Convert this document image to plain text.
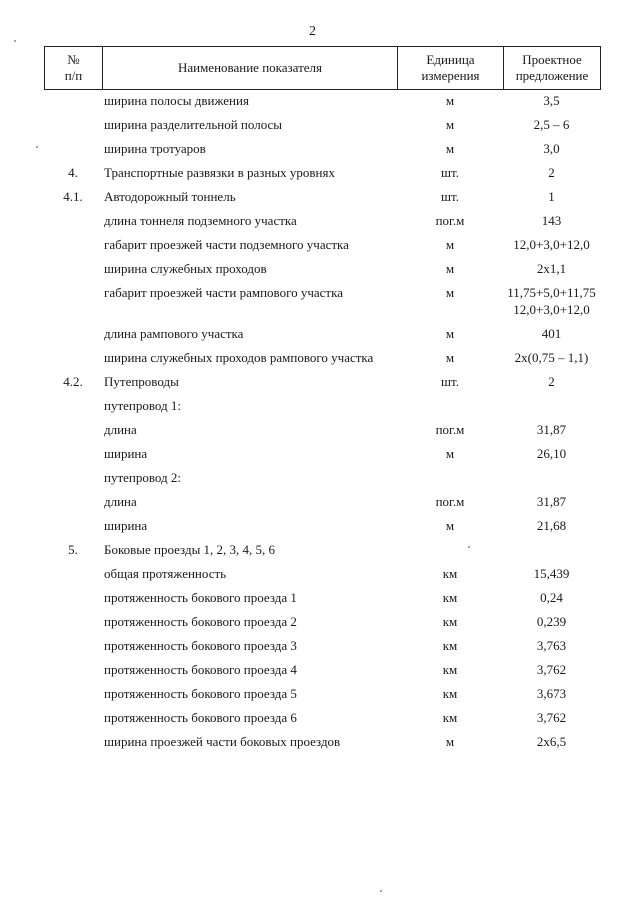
2
№
п/п	Наименование показателя	Единица измерения	Проектное предложение
ширина полосы движения	м	3,5
ширина разделительной полосы	м	2,5 – 6
ширина тротуаров	м	3,0
4.	Транспортные развязки в разных уровнях	шт.	2
4.1.	Автодорожный тоннель	шт.	1
длина тоннеля подземного участка	пог.м	143
габарит проезжей части подземного участка	м	12,0+3,0+12,0
ширина служебных проходов	м	2x1,1
габарит проезжей части рампового участка	м	11,75+5,0+11,75
12,0+3,0+12,0
длина рампового участка	м	401
ширина служебных проходов рампового участка	м	2х(0,75 – 1,1)
4.2.	Путепроводы	шт.	2
путепровод 1:
длина	пог.м	31,87
ширина	м	26,10
путепровод 2:
длина	пог.м	31,87
ширина	м	21,68
5.	Боковые проезды 1, 2, 3, 4, 5, 6
общая протяженность	км	15,439
протяженность бокового проезда 1	км	0,24
протяженность бокового проезда 2	км	0,239
протяженность бокового проезда 3	км	3,763
протяженность бокового проезда 4	км	3,762
протяженность бокового проезда 5	км	3,673
протяженность бокового проезда 6	км	3,762
ширина проезжей части боковых проездов	м	2х6,5
